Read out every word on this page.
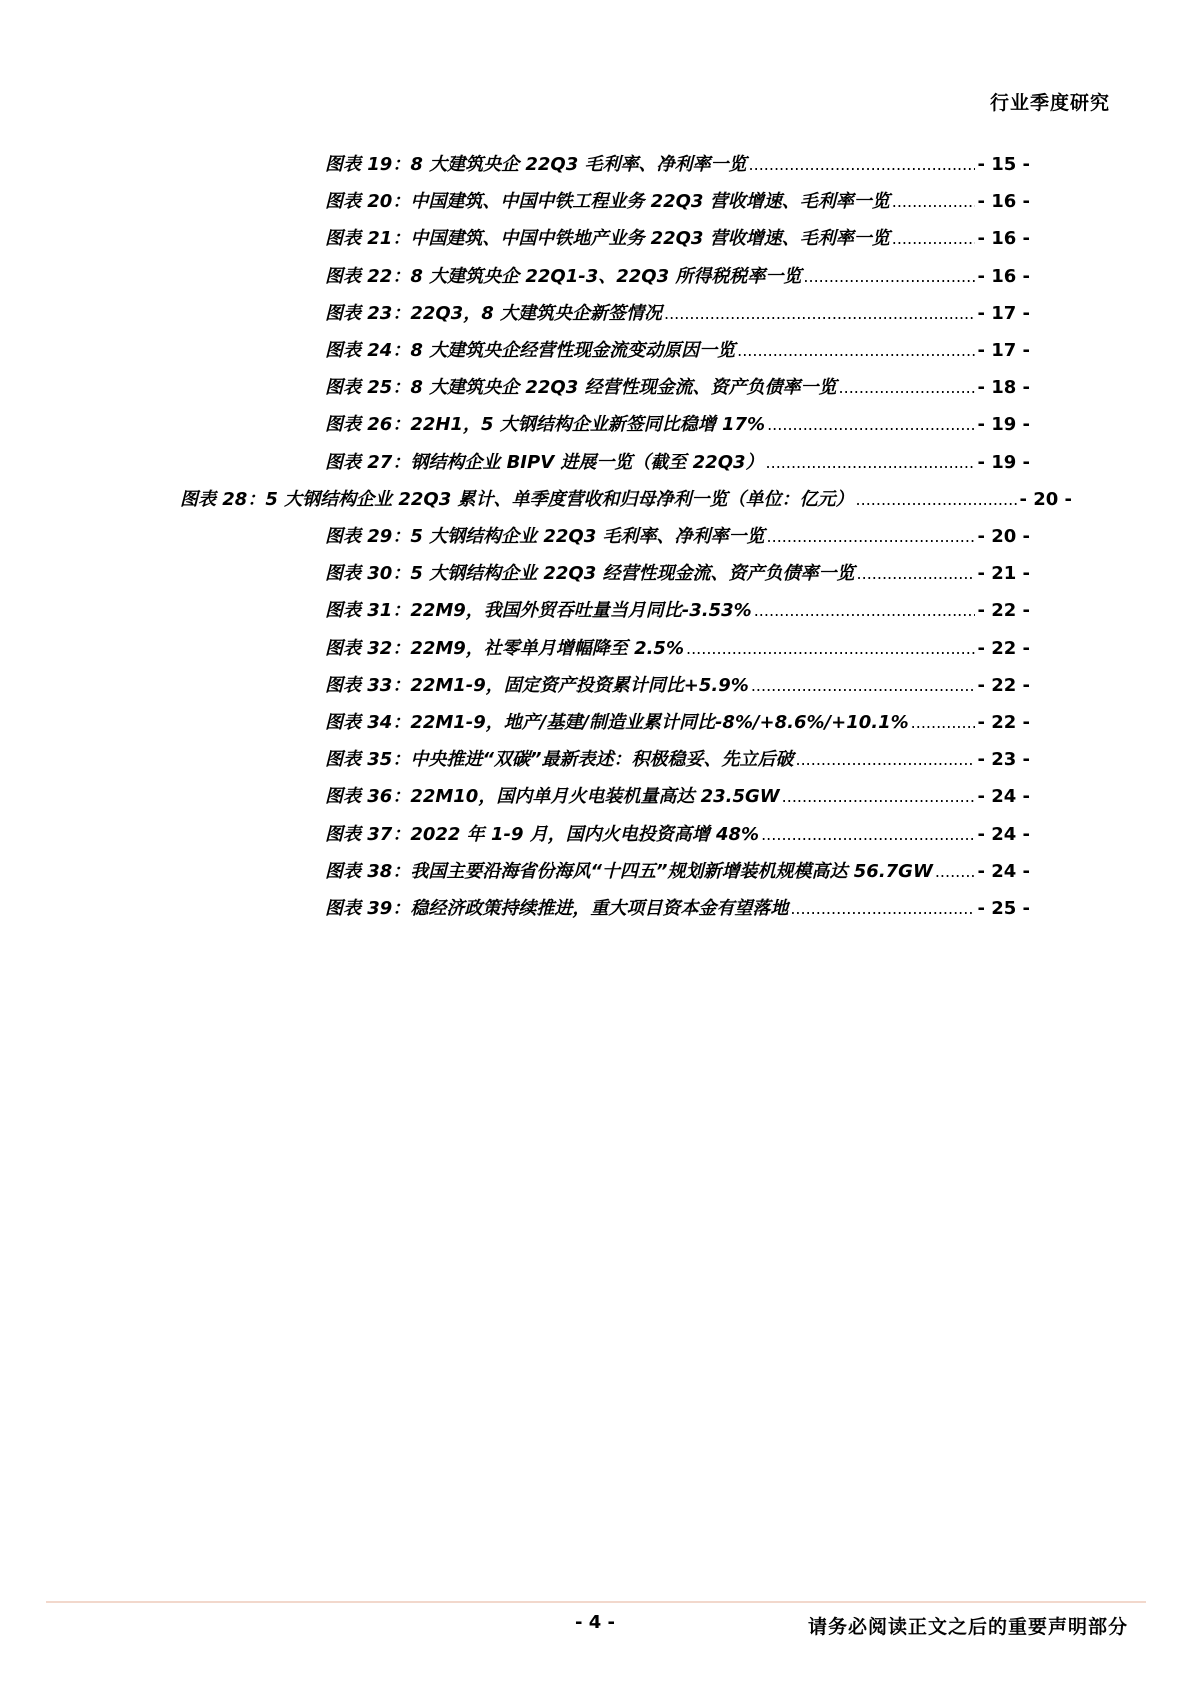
行业季度研究
图表 19：8 大建筑央企 22Q3 毛利率、净利率一览 .....	- 15 -
图表 20：中国建筑、中国中铁工程业务 22Q3 营收增速、毛利率一览 .....	- 16 -
图表 21：中国建筑、中国中铁地产业务 22Q3 营收增速、毛利率一览 .....	- 16 -
图表 22：8 大建筑央企 22Q1-3、22Q3 所得税税率一览 .....	- 16 -
图表 23：22Q3，8 大建筑央企新签情况 .....	- 17 -
图表 24：8 大建筑央企经营性现金流变动原因一览 .....	- 17 -
图表 25：8 大建筑央企 22Q3 经营性现金流、资产负债率一览 .....	- 18 -
图表 26：22H1，5 大钢结构企业新签同比稳增 17% .....	- 19 -
图表 27：钢结构企业 BIPV 进展一览（截至 22Q3） .....	- 19 -
图表 28：5 大钢结构企业 22Q3 累计、单季度营收和归母净利一览（单位：亿元） .....	- 20 -
图表 29：5 大钢结构企业 22Q3 毛利率、净利率一览 .....	- 20 -
图表 30：5 大钢结构企业 22Q3 经营性现金流、资产负债率一览 .....	- 21 -
图表 31：22M9，我国外贸吞吐量当月同比-3.53% .....	- 22 -
图表 32：22M9，社零单月增幅降至 2.5% .....	- 22 -
图表 33：22M1-9，固定资产投资累计同比+5.9% .....	- 22 -
图表 34：22M1-9，地产/基建/制造业累计同比-8%/+8.6%/+10.1% .....	- 22 -
图表 35：中央推进“双碳”最新表述：积极稳妥、先立后破 .....	- 23 -
图表 36：22M10，国内单月火电装机量高达 23.5GW .....	- 24 -
图表 37：2022 年 1-9 月，国内火电投资高增 48% .....	- 24 -
图表 38：我国主要沿海省份海风“十四五”规划新增装机规模高达 56.7GW ..... - 24 -
图表 39：稳经济政策持续推进，重大项目资本金有望落地 .....	- 25 -
- 4 -	请务必阅读正文之后的重要声明部分
